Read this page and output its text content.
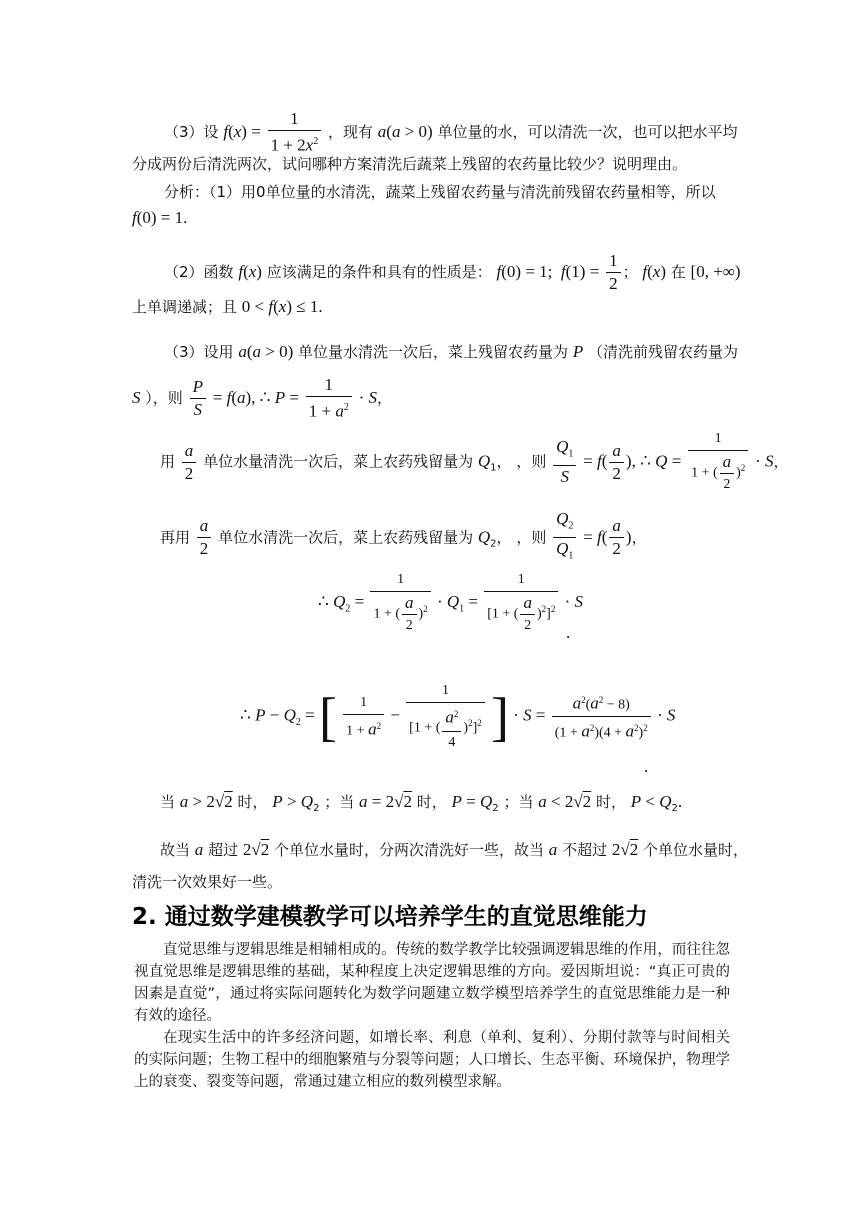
（3）设 $f(x) = \frac{1}{1 + 2x^2}$ ，现有 a(a > 0) 单位量的水，可以清洗一次，也可以把水平均
分成两份后清洗两次，试问哪种方案清洗后蔬菜上残留的农药量比较少？说明理由。
分析：（1）用0单位量的水清洗，蔬菜上残留农药量与清洗前残留农药量相等，所以
f(0) = 1.
（2）函数 f(x) 应该满足的条件和具有的性质是： f(0) = 1;  $f(1) = \frac{1}{2}$ ； f(x) 在 [0, +∞)
上单调递减；且 0 < f(x) ≤ 1.
（3）设用 a(a > 0) 单位量水清洗一次后，菜上残留农药量为 P （清洗前残留农药量为
S ），则 $\frac{P}{S} = f(a)$, ∴ $P = \frac{1}{1 + a^2} \cdot S$，
用 $\frac{a}{2}$ 单位水量清洗一次后，菜上农药残留量为 $Q_1$， ，则 $\frac{Q_1}{S} = f( \frac{a}{2}$ ), ∴ $Q = \frac{1}{1 + ( \frac{a}{2} )^2} \cdot S$，
再用 $\frac{a}{2}$ 单位水清洗一次后，菜上农药残留量为 $Q_2$， ，则 $\frac{Q_2}{Q_1} = f( \frac{a}{2}$ )，
∴ $Q_2 = \frac{1}{1 + ( \frac{a}{2} )^2} \cdot Q_1 = \frac{1}{[1 + ( \frac{a}{2} )^2]^2} \cdot S$
.
∴ $P - Q_2$ = [ $\frac{1}{1 + a^2} - \frac{1}{[1 + ( \frac{a^2}{4} )^2]^2}$ ] · $S = \frac{a^2(a^2 - 8)}{(1 + a^2)(4 + a^2)^2} \cdot S$
.
当 a > 2√2 时， $P > Q_2$ ；当 a = 2√2 时， $P = Q_2$ ；当 a < 2√2 时， $P < Q_2$.
故当 a 超过 2√2 个单位水量时，分两次清洗好一些，故当 a 不超过 2√2 个单位水量时，
清洗一次效果好一些。
2. 通过数学建模教学可以培养学生的直觉思维能力
直觉思维与逻辑思维是相辅相成的。传统的数学教学比较强调逻辑思维的作用，而往往忽视直觉思维是逻辑思维的基础，某种程度上决定逻辑思维的方向。爱因斯坦说：“真正可贵的因素是直觉”，通过将实际问题转化为数学问题建立数学模型培养学生的直觉思维能力是一种有效的途径。
在现实生活中的许多经济问题，如增长率、利息（单利、复利）、分期付款等与时间相关的实际问题；生物工程中的细胞繁殖与分裂等问题；人口增长、生态平衡、环境保护，物理学上的衰变、裂变等问题，常通过建立相应的数列模型求解。
